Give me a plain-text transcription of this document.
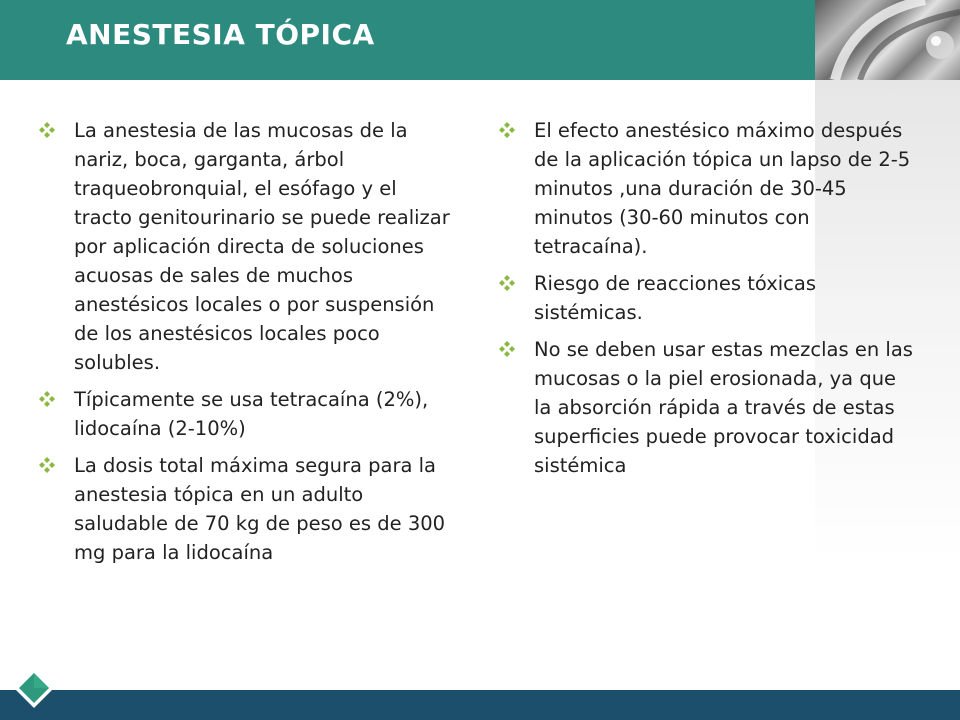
ANESTESIA TÓPICA
La anestesia de las mucosas de la nariz, boca, garganta, árbol traqueobronquial, el esófago y el tracto genitourinario se puede realizar por aplicación directa de soluciones acuosas de sales de muchos anestésicos locales o por suspensión de los anestésicos locales poco solubles.
Típicamente se usa tetracaína (2%), lidocaína (2-10%)
La dosis total máxima segura para la anestesia tópica en un adulto saludable de 70 kg de peso es de 300 mg para la lidocaína
El efecto anestésico máximo después de la aplicación tópica un lapso de 2-5 minutos ,una duración de 30-45 minutos (30-60 minutos con tetracaína).
Riesgo de reacciones tóxicas sistémicas.
No se deben usar estas mezclas en las mucosas o la piel erosionada, ya que la absorción rápida a través de estas superficies puede provocar toxicidad sistémica
